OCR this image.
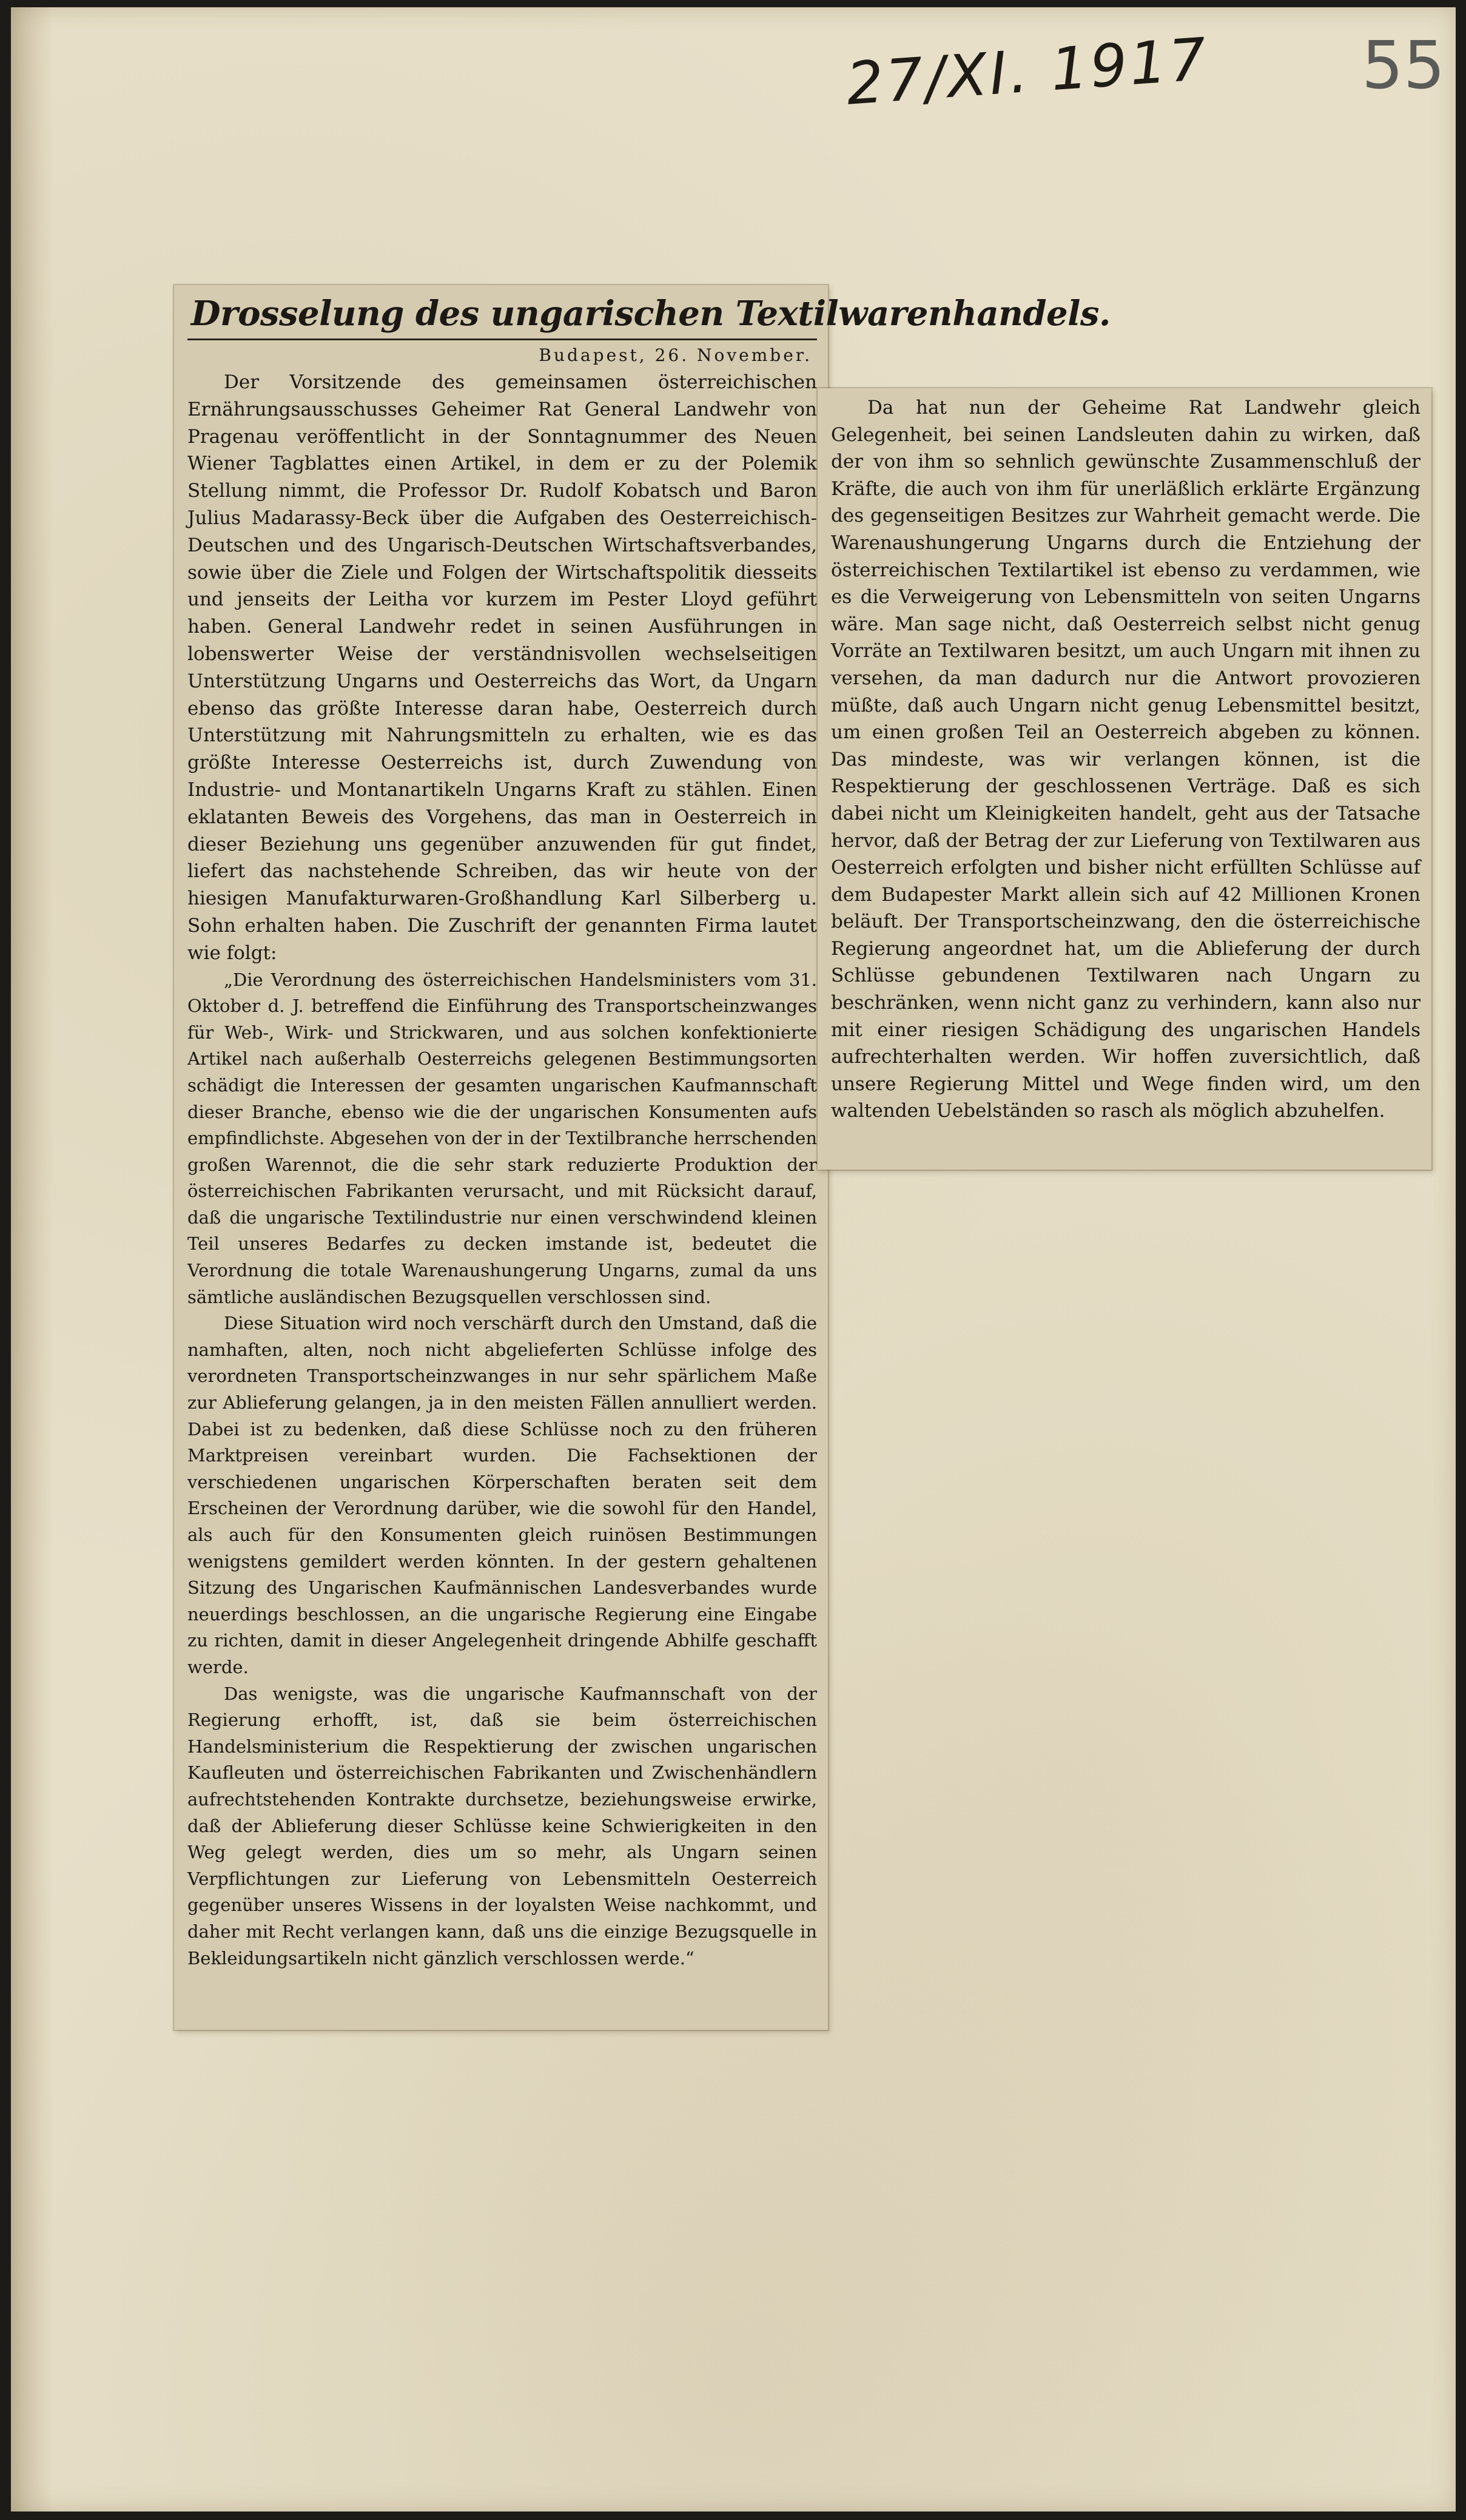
27/XI. 1917 55
Drosselung des ungarischen Textilwarenhandels.
Budapest, 26. November.

Der Vorsitzende des gemeinsamen österreichischen Ernährungsausschusses Geheimer Rat General Landwehr von Pragenau veröffentlicht in der Sonntagnummer des Neuen Wiener Tagblattes einen Artikel, in dem er zu der Polemik Stellung nimmt, die Professor Dr. Rudolf Kobatsch und Baron Julius Madarassy-Beck über die Aufgaben des Oesterreichisch-Deutschen und des Ungarisch-Deutschen Wirtschaftsverbandes, sowie über die Ziele und Folgen der Wirtschaftspolitik diesseits und jenseits der Leitha vor kurzem im Pester Lloyd geführt haben. General Landwehr redet in seinen Ausführungen in lobenswerter Weise der verständnisvollen wechselseitigen Unterstützung Ungarns und Oesterreichs das Wort, da Ungarn ebenso das größte Interesse daran habe, Oesterreich durch Unterstützung mit Nahrungsmitteln zu erhalten, wie es das größte Interesse Oesterreichs ist, durch Zuwendung von Industrie- und Montanartikeln Ungarns Kraft zu stählen. Einen eklatanten Beweis des Vorgehens, das man in Oesterreich in dieser Beziehung uns gegenüber anzuwenden für gut findet, liefert das nachstehende Schreiben, das wir heute von der hiesigen Manufakturwaren-Großhandlung Karl Silberberg u. Sohn erhalten haben. Die Zuschrift der genannten Firma lautet wie folgt:

„Die Verordnung des österreichischen Handelsministers vom 31. Oktober d. J. betreffend die Einführung des Transportscheinzwanges für Web-, Wirk- und Strickwaren, und aus solchen konfektionierte Artikel nach außerhalb Oesterreichs gelegenen Bestimmungsorten schädigt die Interessen der gesamten ungarischen Kaufmannschaft dieser Branche, ebenso wie die der ungarischen Konsumenten aufs empfindlichste. Abgesehen von der in der Textilbranche herrschenden großen Warennot, die die sehr stark reduzierte Produktion der österreichischen Fabrikanten verursacht, und mit Rücksicht darauf, daß die ungarische Textilindustrie nur einen verschwindend kleinen Teil unseres Bedarfes zu decken imstande ist, bedeutet die Verordnung die totale Warenaushungerung Ungarns, zumal da uns sämtliche ausländischen Bezugsquellen verschlossen sind.

Diese Situation wird noch verschärft durch den Umstand, daß die namhaften, alten, noch nicht abgelieferten Schlüsse infolge des verordneten Transportscheinzwanges in nur sehr spärlichem Maße zur Ablieferung gelangen, ja in den meisten Fällen annulliert werden. Dabei ist zu bedenken, daß diese Schlüsse noch zu den früheren Marktpreisen vereinbart wurden. Die Fachsektionen der verschiedenen ungarischen Körperschaften beraten seit dem Erscheinen der Verordnung darüber, wie die sowohl für den Handel, als auch für den Konsumenten gleich ruinösen Bestimmungen wenigstens gemildert werden könnten. In der gestern gehaltenen Sitzung des Ungarischen Kaufmännischen Landesverbandes wurde neuerdings beschlossen, an die ungarische Regierung eine Eingabe zu richten, damit in dieser Angelegenheit dringende Abhilfe geschafft werde.

Das wenigste, was die ungarische Kaufmannschaft von der Regierung erhofft, ist, daß sie beim österreichischen Handelsministerium die Respektierung der zwischen ungarischen Kaufleuten und österreichischen Fabrikanten und Zwischenhändlern aufrechtstehenden Kontrakte durchsetze, beziehungsweise erwirke, daß der Ablieferung dieser Schlüsse keine Schwierigkeiten in den Weg gelegt werden, dies um so mehr, als Ungarn seinen Verpflichtungen zur Lieferung von Lebensmitteln Oesterreich gegenüber unseres Wissens in der loyalsten Weise nachkommt, und daher mit Recht verlangen kann, daß uns die einzige Bezugsquelle in Bekleidungsartikeln nicht gänzlich verschlossen werde.“

Da hat nun der Geheime Rat Landwehr gleich Gelegenheit, bei seinen Landsleuten dahin zu wirken, daß der von ihm so sehnlich gewünschte Zusammenschluß der Kräfte, die auch von ihm für unerläßlich erklärte Ergänzung des gegenseitigen Besitzes zur Wahrheit gemacht werde. Die Warenaushungerung Ungarns durch die Entziehung der österreichischen Textilartikel ist ebenso zu verdammen, wie es die Verweigerung von Lebensmitteln von seiten Ungarns wäre. Man sage nicht, daß Oesterreich selbst nicht genug Vorräte an Textilwaren besitzt, um auch Ungarn mit ihnen zu versehen, da man dadurch nur die Antwort provozieren müßte, daß auch Ungarn nicht genug Lebensmittel besitzt, um einen großen Teil an Oesterreich abgeben zu können. Das mindeste, was wir verlangen können, ist die Respektierung der geschlossenen Verträge. Daß es sich dabei nicht um Kleinigkeiten handelt, geht aus der Tatsache hervor, daß der Betrag der zur Lieferung von Textilwaren aus Oesterreich erfolgten und bisher nicht erfüllten Schlüsse auf dem Budapester Markt allein sich auf 42 Millionen Kronen beläuft. Der Transportscheinzwang, den die österreichische Regierung angeordnet hat, um die Ablieferung der durch Schlüsse gebundenen Textilwaren nach Ungarn zu beschränken, wenn nicht ganz zu verhindern, kann also nur mit einer riesigen Schädigung des ungarischen Handels aufrechterhalten werden. Wir hoffen zuversichtlich, daß unsere Regierung Mittel und Wege finden wird, um den waltenden Uebelständen so rasch als möglich abzuhelfen.
